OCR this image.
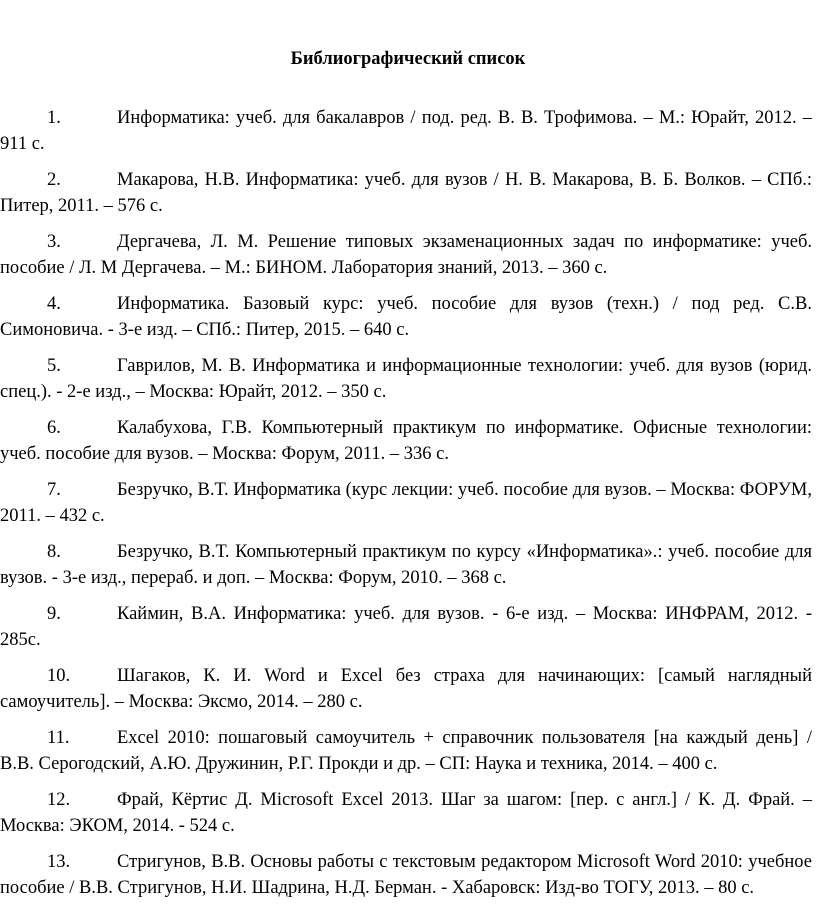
Библиографический список

1.	Информатика: учеб. для бакалавров / под. ред. В. В. Трофимова. – М.: Юрайт, 2012. – 911 с.

2.	Макарова, Н.В. Информатика: учеб. для вузов / Н. В. Макарова, В. Б. Волков. – СПб.: Питер, 2011. – 576 с.

3.	Дергачева, Л. М. Решение типовых экзаменационных задач по информатике: учеб. пособие / Л. М Дергачева. – М.: БИНОМ. Лаборатория знаний, 2013. – 360 с.

4.	Информатика. Базовый курс: учеб. пособие для вузов (техн.) / под ред. С.В. Симоновича. - 3-е изд. – СПб.: Питер, 2015. – 640 с.

5.	Гаврилов, М. В. Информатика и информационные технологии: учеб. для вузов (юрид.

спец.). - 2-е изд., – Москва: Юрайт, 2012. – 350 с.

6.	Калабухова, Г.В. Компьютерный практикум по информатике. Офисные технологии:

учеб. пособие для вузов. – Москва: Форум, 2011. – 336 с.

7.	Безручко, В.Т. Информатика (курс лекции: учеб. пособие для вузов. – Москва: ФОРУМ, 2011. – 432 с.

8.	Безручко, В.Т. Компьютерный практикум по курсу «Информатика».: учеб. пособие для вузов. - 3-е изд., перераб. и доп. – Москва: Форум, 2010. – 368 с.

9.	Каймин, В.А. Информатика: учеб. для вузов. - 6-е изд. – Москва: ИНФРАМ, 2012. - 285с.

10.	Шагаков, К. И. Word и Excel без страха для начинающих: [самый наглядный самоучитель]. – Москва: Эксмо, 2014. – 280 с.

11.	Excel 2010: пошаговый самоучитель + справочник пользователя [на каждый день] / В.В. Серогодский, А.Ю. Дружинин, Р.Г. Прокди и др. – СП: Наука и техника, 2014. – 400 с.

12.	Фрай, Кёртис Д. Microsoft Excel 2013. Шаг за шагом: [пер. с англ.] / К. Д. Фрай. – Москва: ЭКОМ, 2014. - 524 с.

13.	Стригунов, В.В. Основы работы с текстовым редактором Microsoft Word 2010: учебное пособие / В.В. Стригунов, Н.И. Шадрина, Н.Д. Берман. - Хабаровск: Изд-во ТОГУ, 2013. – 80 с.
